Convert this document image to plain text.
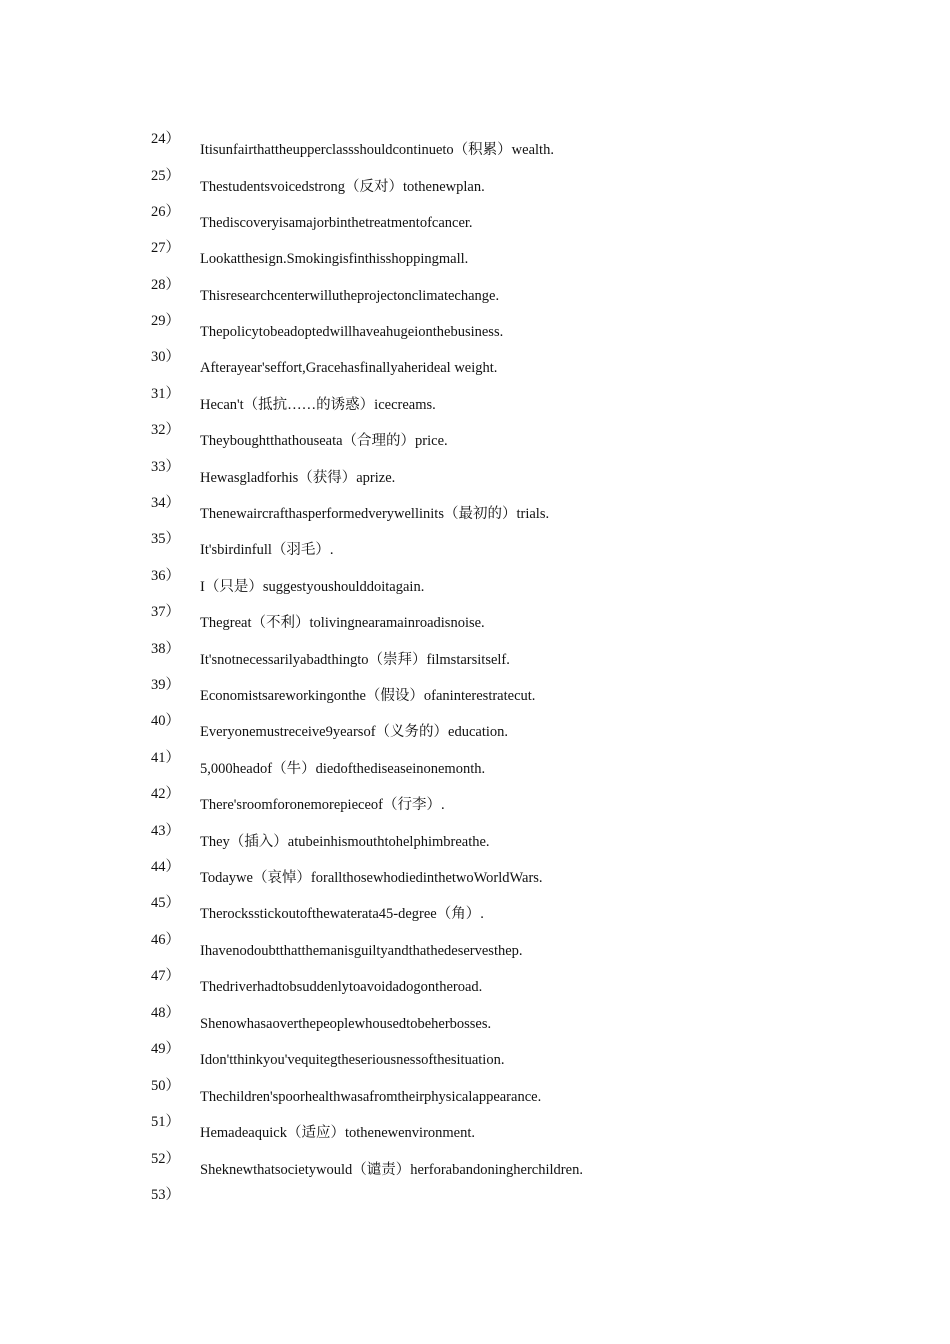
24）
Itisunfairthattheupperclassshouldcontinueto（积累）wealth.
25）
Thestudentsvoicedstrong（反对）tothenewplan.
26）
Thediscoveryisamajorbinthetreatmentofcancer.
27）
Lookatthesign.Smokingisfinthisshoppingmall.
28）
Thisresearchcenterwillutheprojectonclimatechange.
29）
Thepolicytobeadoptedwillhaveahugeionthebusiness.
30）
Afterayear'seffort,Gracehasfinallyaherideal weight.
31）
Hecan't（抵抗……的诱惑）icecreams.
32）
Theyboughtthathouseata（合理的）price.
33）
Hewasgladforhis（获得）aprize.
34）
Thenewaircrafthasperformedverywellinits（最初的）trials.
35）
It'sbirdinfull（羽毛）.
36）
I（只是）suggestyoushoulddoitagain.
37）
Thegreat（不利）tolivingnearamainroadisnoise.
38）
It'snotnecessarilyabadthingto（崇拜）filmstarsitself.
39）
Economistsareworkingonthe（假设）ofaninterestratecut.
40）
Everyonemustreceive9yearsof（义务的）education.
41）
5,000headof（牛）diedofthediseaseinonemonth.
42）
There'sroomforonemorepieceof（行李）.
43）
They（插入）atubeinhismouthtohelphimbreathe.
44）
Todaywe（哀悼）forallthosewhodiedinthetwoWorldWars.
45）
Therocksstickoutofthewaterata45-degree（角）.
46）
Ihavenodoubtthatthemanisguiltyandthathedeservesthep.
47）
Thedriverhadtobsuddenlytoavoidadogontheroad.
48）
Shenowhasaoverthepeoplewhousedtobeherbosses.
49）
Idon'tthinkyou'vequitegtheseriousnessofthesituation.
50）
Thechildren'spoorhealthwasafromtheirphysicalappearance.
51）
Hemadeaquick（适应）tothenewenvironment.
52）
Sheknewthatsocietywould（谴责）herforabandoningherchildren.
53）
